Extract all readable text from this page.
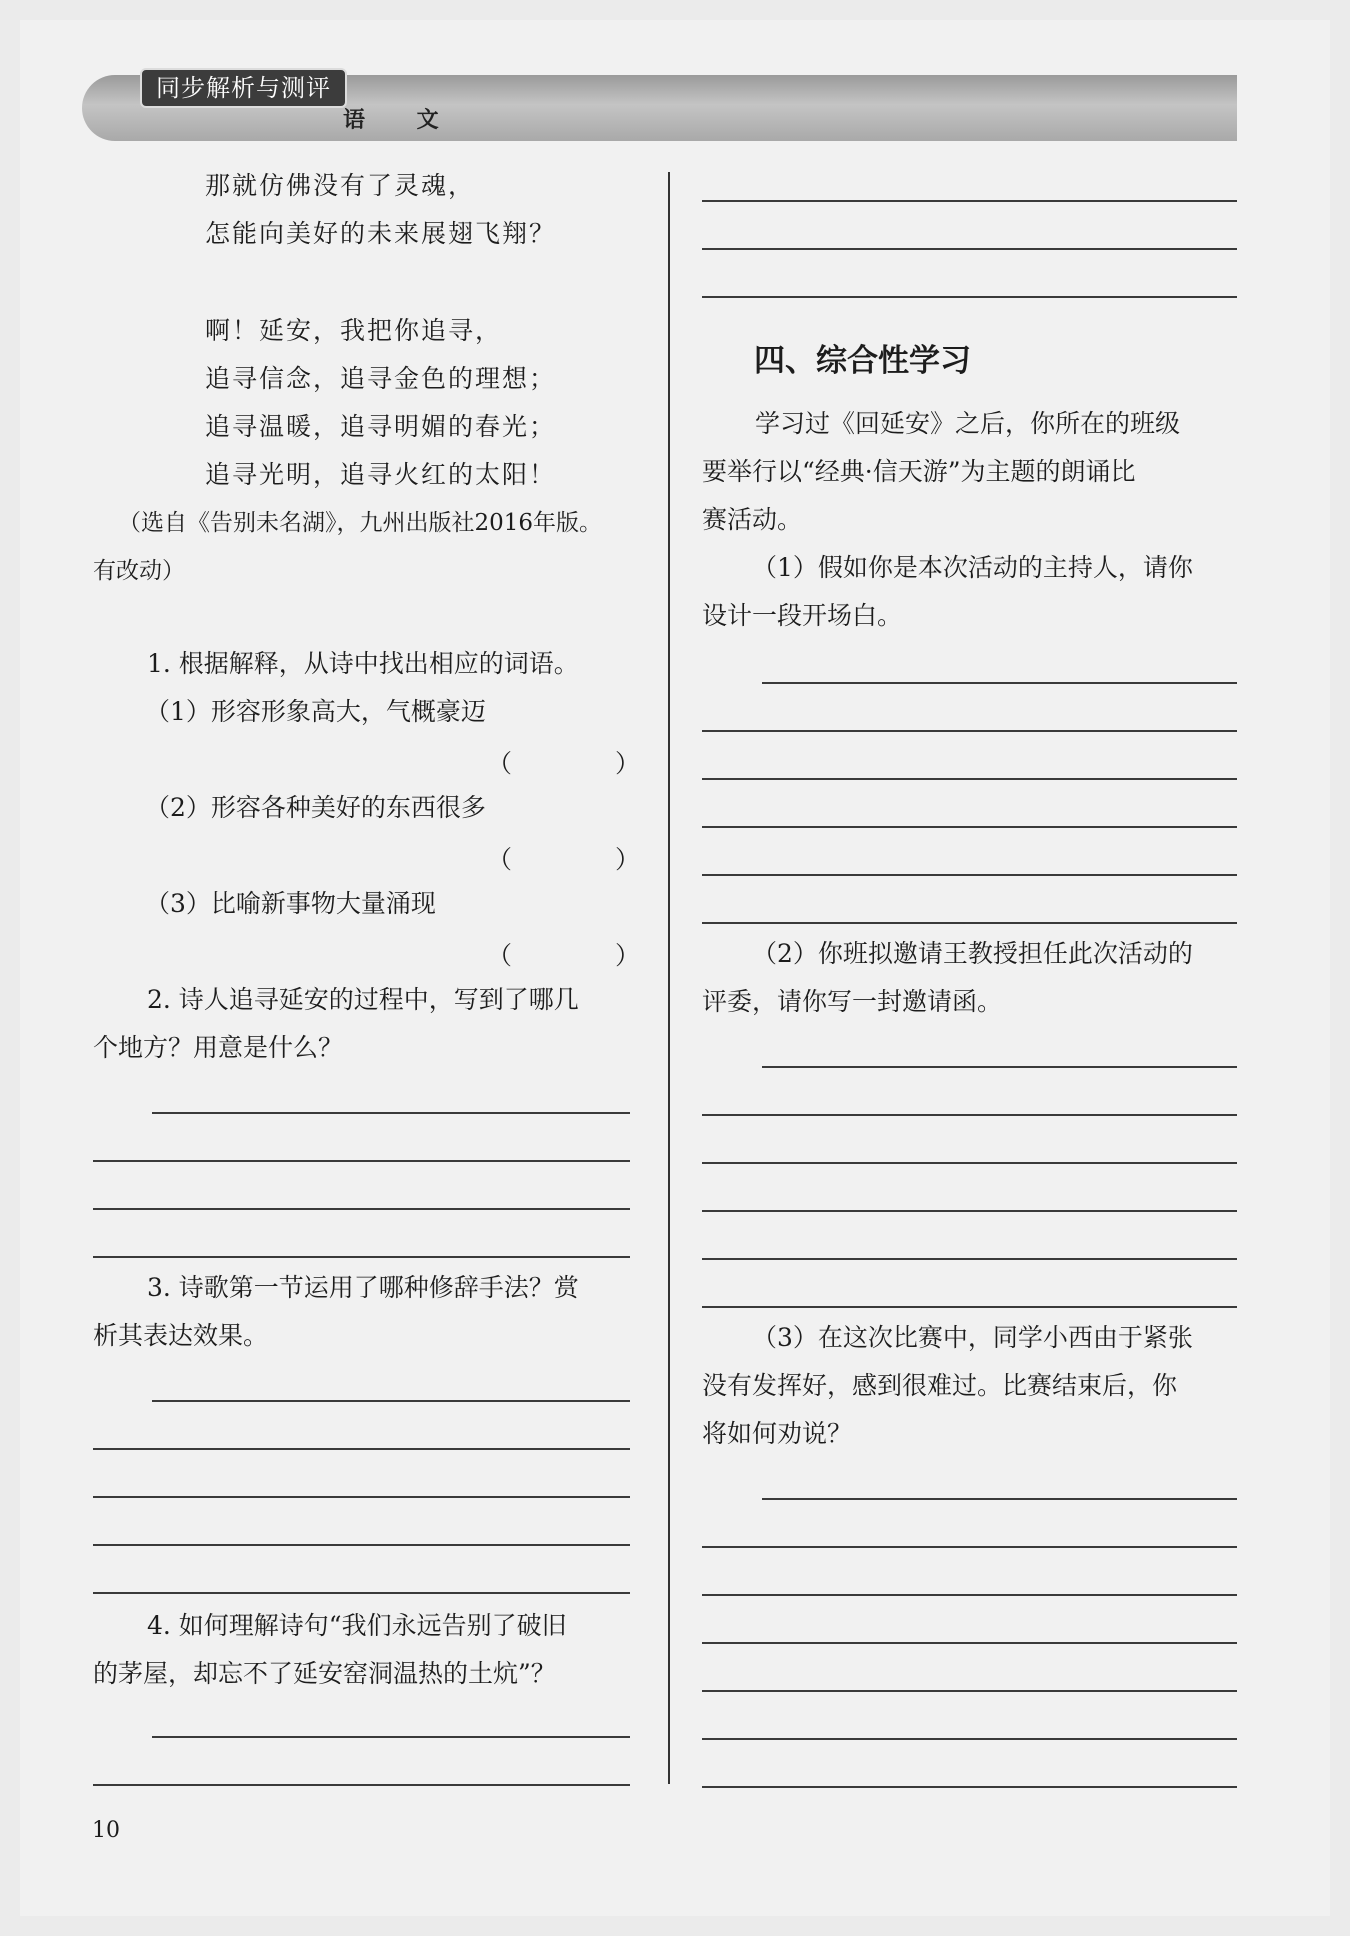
同步解析与测评
语 文
那就仿佛没有了灵魂，
怎能向美好的未来展翅飞翔？
啊！延安，我把你追寻，
追寻信念，追寻金色的理想；
追寻温暖，追寻明媚的春光；
追寻光明，追寻火红的太阳！
（选自《告别未名湖》，九州出版社2016年版。
有改动）
1. 根据解释，从诗中找出相应的词语。
（1）形容形象高大，气概豪迈
（	）
（2）形容各种美好的东西很多
（	）
（3）比喻新事物大量涌现
（	）
2. 诗人追寻延安的过程中，写到了哪几
个地方？用意是什么？
3. 诗歌第一节运用了哪种修辞手法？赏
析其表达效果。
4. 如何理解诗句“我们永远告别了破旧
的茅屋，却忘不了延安窑洞温热的土炕”？
四、综合性学习
学习过《回延安》之后，你所在的班级
要举行以“经典·信天游”为主题的朗诵比
赛活动。
（1）假如你是本次活动的主持人，请你
设计一段开场白。
（2）你班拟邀请王教授担任此次活动的
评委，请你写一封邀请函。
（3）在这次比赛中，同学小西由于紧张
没有发挥好，感到很难过。比赛结束后，你
将如何劝说？
10
